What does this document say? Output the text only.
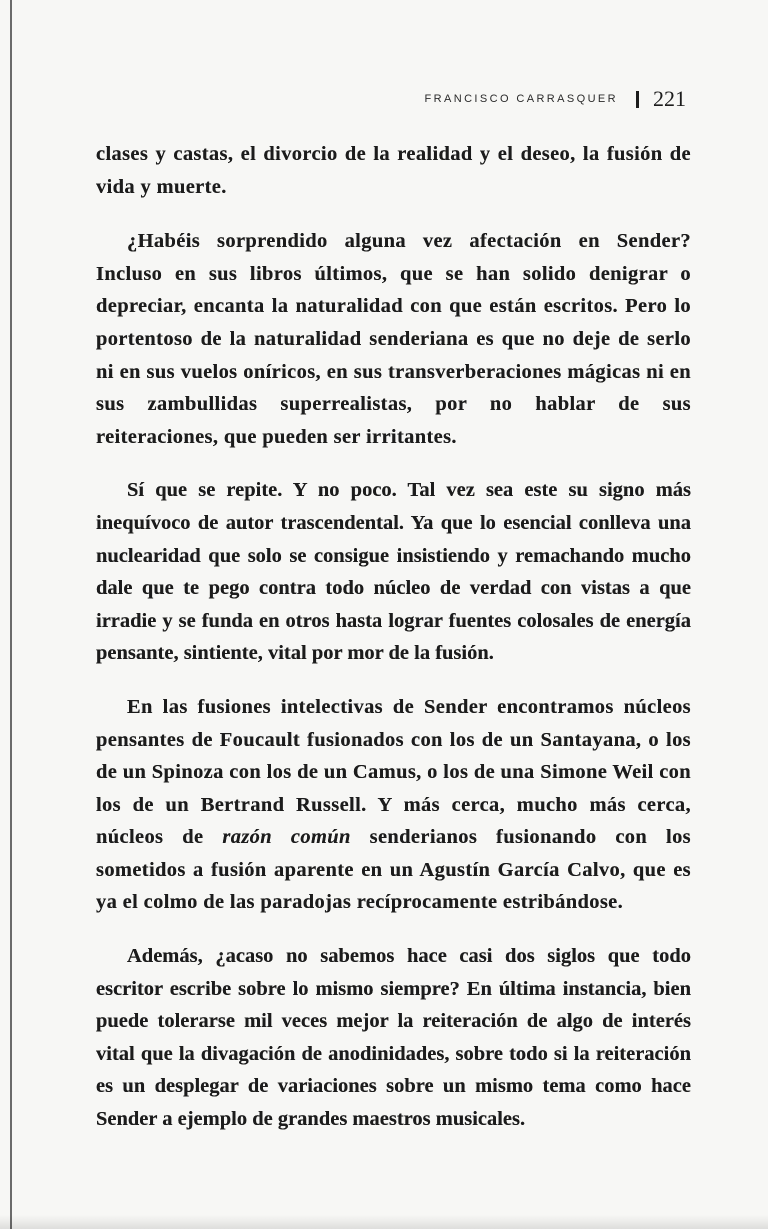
FRANCISCO CARRASQUER 221

clases y castas, el divorcio de la realidad y el deseo, la fusión de vida y muerte.

¿Habéis sorprendido alguna vez afectación en Sender? Incluso en sus libros últimos, que se han solido denigrar o depreciar, encanta la naturalidad con que están escritos. Pero lo portentoso de la naturalidad senderiana es que no deje de serlo ni en sus vuelos oníricos, en sus transverberaciones mágicas ni en sus zambullidas superrealistas, por no hablar de sus reiteraciones, que pueden ser irritantes.

Sí que se repite. Y no poco. Tal vez sea este su signo más inequívoco de autor trascendental. Ya que lo esencial conlleva una nuclearidad que solo se consigue insistiendo y remachando mucho dale que te pego contra todo núcleo de verdad con vistas a que irradie y se funda en otros hasta lograr fuentes colosales de energía pensante, sintiente, vital por mor de la fusión.

En las fusiones intelectivas de Sender encontramos núcleos pensantes de Foucault fusionados con los de un Santayana, o los de un Spinoza con los de un Camus, o los de una Simone Weil con los de un Bertrand Russell. Y más cerca, mucho más cerca, núcleos de razón común senderianos fusionando con los sometidos a fusión aparente en un Agustín García Calvo, que es ya el colmo de las paradojas recíprocamente estribándose.

Además, ¿acaso no sabemos hace casi dos siglos que todo escritor escribe sobre lo mismo siempre? En última instancia, bien puede tolerarse mil veces mejor la reiteración de algo de interés vital que la divagación de anodinidades, sobre todo si la reiteración es un desplegar de variaciones sobre un mismo tema como hace Sender a ejemplo de grandes maestros musicales.
